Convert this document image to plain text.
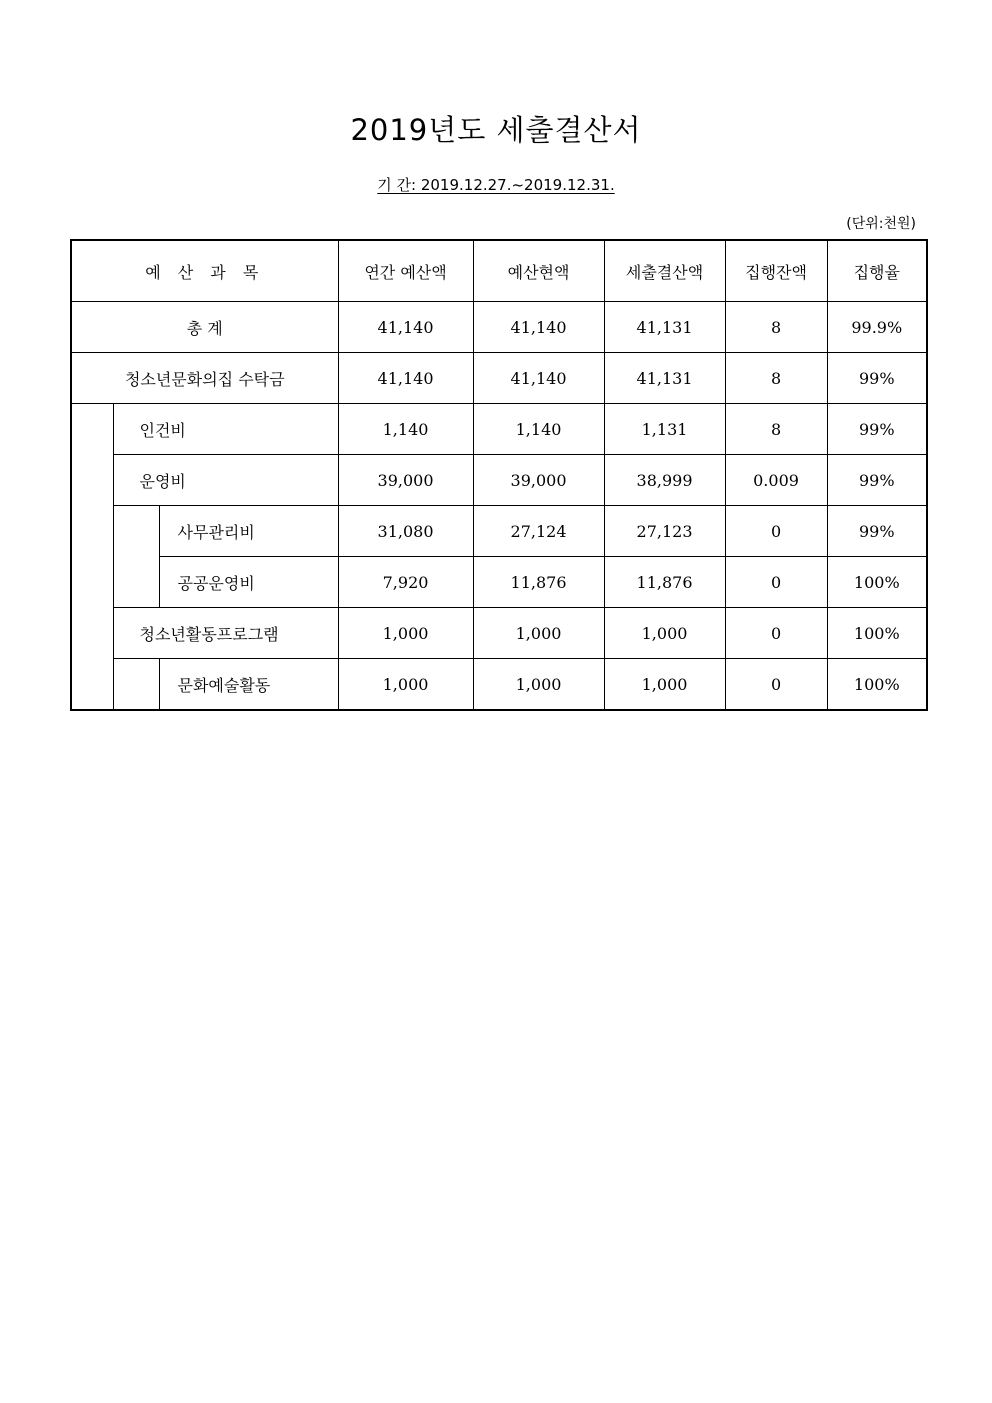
2019년도 세출결산서
기 간: 2019.12.27.~2019.12.31.
(단위:천원)
예 산 과 목			연간 예산액	예산현액	세출결산액	집행잔액	집행율
총 계			41,140	41,140	41,131	8	99.9%
청소년문화의집 수탁금			41,140	41,140	41,131	8	99%
	인건비		1,140	1,140	1,131	8	99%
	운영비		39,000	39,000	38,999	0.009	99%
		사무관리비	31,080	27,124	27,123	0	99%
		공공운영비	7,920	11,876	11,876	0	100%
	청소년활동프로그램		1,000	1,000	1,000	0	100%
		문화예술활동	1,000	1,000	1,000	0	100%
